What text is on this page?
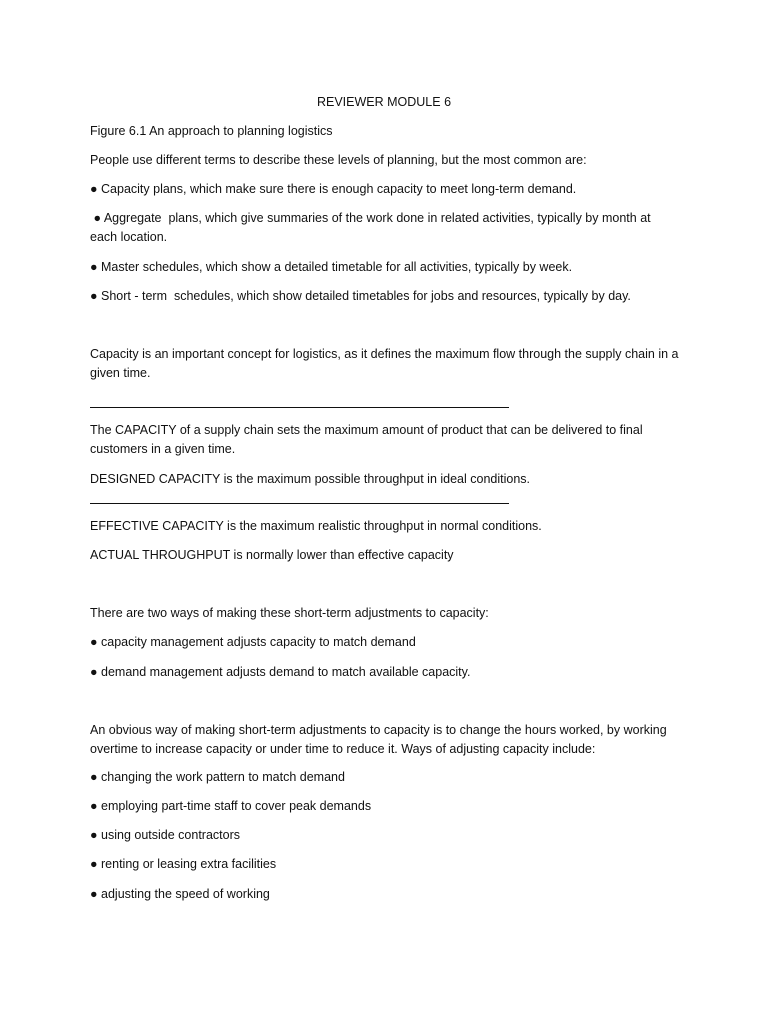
REVIEWER MODULE 6

Figure 6.1 An approach to planning logistics

People use different terms to describe these levels of planning, but the most common are:

● Capacity plans, which make sure there is enough capacity to meet long-term demand.

● Aggregate  plans, which give summaries of the work done in related activities, typically by month at each location.

● Master schedules, which show a detailed timetable for all activities, typically by week.

● Short - term  schedules, which show detailed timetables for jobs and resources, typically by day.

Capacity is an important concept for logistics, as it defines the maximum flow through the supply chain in a given time.

The CAPACITY of a supply chain sets the maximum amount of product that can be delivered to final customers in a given time.

DESIGNED CAPACITY is the maximum possible throughput in ideal conditions.

EFFECTIVE CAPACITY is the maximum realistic throughput in normal conditions.

ACTUAL THROUGHPUT is normally lower than effective capacity

There are two ways of making these short-term adjustments to capacity:

● capacity management adjusts capacity to match demand

● demand management adjusts demand to match available capacity.

An obvious way of making short-term adjustments to capacity is to change the hours worked, by working overtime to increase capacity or under time to reduce it. Ways of adjusting capacity include:

● changing the work pattern to match demand

● employing part-time staff to cover peak demands

● using outside contractors

● renting or leasing extra facilities

● adjusting the speed of working
